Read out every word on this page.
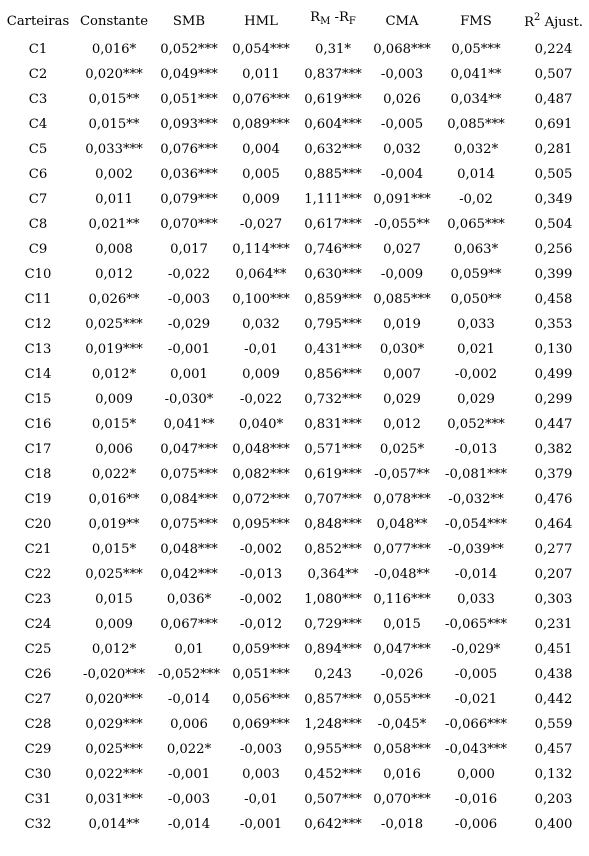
Carteiras	Constante	SMB	HML	$R_M$ $-R_F$	CMA	FMS	$R^2$ Ajust.
C1	0,016*	0,052***	0,054***	0,31*	0,068***	0,05***	0,224
C2	0,020***	0,049***	0,011	0,837***	-0,003	0,041**	0,507
C3	0,015**	0,051***	0,076***	0,619***	0,026	0,034**	0,487
C4	0,015**	0,093***	0,089***	0,604***	-0,005	0,085***	0,691
C5	0,033***	0,076***	0,004	0,632***	0,032	0,032*	0,281
C6	0,002	0,036***	0,005	0,885***	-0,004	0,014	0,505
C7	0,011	0,079***	0,009	1,111***	0,091***	-0,02	0,349
C8	0,021**	0,070***	-0,027	0,617***	-0,055**	0,065***	0,504
C9	0,008	0,017	0,114***	0,746***	0,027	0,063*	0,256
C10	0,012	-0,022	0,064**	0,630***	-0,009	0,059**	0,399
C11	0,026**	-0,003	0,100***	0,859***	0,085***	0,050**	0,458
C12	0,025***	-0,029	0,032	0,795***	0,019	0,033	0,353
C13	0,019***	-0,001	-0,01	0,431***	0,030*	0,021	0,130
C14	0,012*	0,001	0,009	0,856***	0,007	-0,002	0,499
C15	0,009	-0,030*	-0,022	0,732***	0,029	0,029	0,299
C16	0,015*	0,041**	0,040*	0,831***	0,012	0,052***	0,447
C17	0,006	0,047***	0,048***	0,571***	0,025*	-0,013	0,382
C18	0,022*	0,075***	0,082***	0,619***	-0,057**	-0,081***	0,379
C19	0,016**	0,084***	0,072***	0,707***	0,078***	-0,032**	0,476
C20	0,019**	0,075***	0,095***	0,848***	0,048**	-0,054***	0,464
C21	0,015*	0,048***	-0,002	0,852***	0,077***	-0,039**	0,277
C22	0,025***	0,042***	-0,013	0,364**	-0,048**	-0,014	0,207
C23	0,015	0,036*	-0,002	1,080***	0,116***	0,033	0,303
C24	0,009	0,067***	-0,012	0,729***	0,015	-0,065***	0,231
C25	0,012*	0,01	0,059***	0,894***	0,047***	-0,029*	0,451
C26	-0,020***	-0,052***	0,051***	0,243	-0,026	-0,005	0,438
C27	0,020***	-0,014	0,056***	0,857***	0,055***	-0,021	0,442
C28	0,029***	0,006	0,069***	1,248***	-0,045*	-0,066***	0,559
C29	0,025***	0,022*	-0,003	0,955***	0,058***	-0,043***	0,457
C30	0,022***	-0,001	0,003	0,452***	0,016	0,000	0,132
C31	0,031***	-0,003	-0,01	0,507***	0,070***	-0,016	0,203
C32	0,014**	-0,014	-0,001	0,642***	-0,018	-0,006	0,400
